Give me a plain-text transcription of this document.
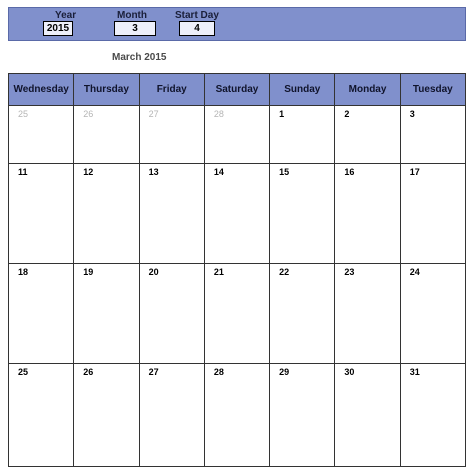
Year
2015
Month
3
Start Day
4
March 2015
Wednesday	Thursday	Friday	Saturday	Sunday	Monday	Tuesday
25	26	27	28	1	2	3
11	12	13	14	15	16	17
18	19	20	21	22	23	24
25	26	27	28	29	30	31
